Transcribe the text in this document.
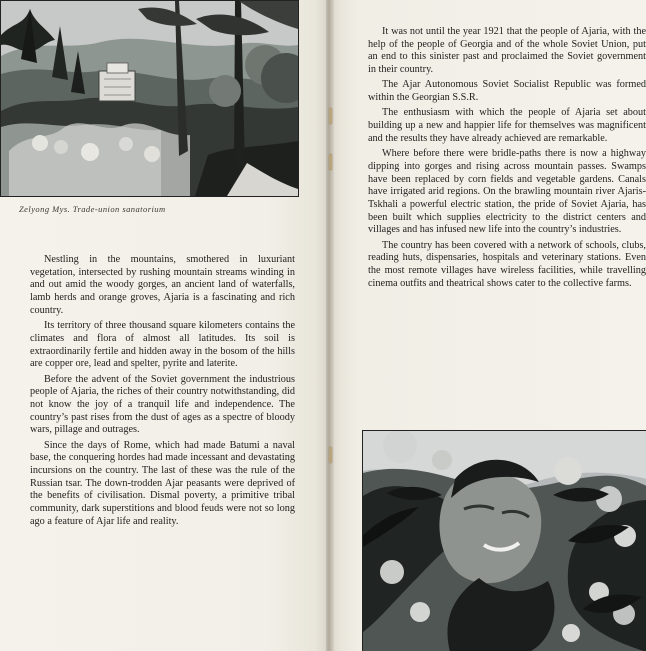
Zelyong Mys. Trade-union sanatorium

Nestling in the mountains, smothered in luxuriant vegetation, intersected by rushing mountain streams winding in and out amid the woody gorges, an ancient land of waterfalls, lamb herds and orange groves, Ajaria is a fascinating and rich country.

Its territory of three thousand square kilometers contains the climates and flora of almost all latitudes. Its soil is extraordinarily fertile and hidden away in the bosom of the hills are copper ore, lead and spelter, pyrite and laterite.

Before the advent of the Soviet government the industrious people of Ajaria, the riches of their country notwithstanding, did not know the joy of a tranquil life and independence. The country’s past rises from the dust of ages as a spectre of bloody wars, pillage and outrages.

Since the days of Rome, which had made Batumi a naval base, the conquering hordes had made incessant and devastating incursions on the country. The last of these was the rule of the Russian tsar. The down-trodden Ajar peasants were deprived of the benefits of civilisation. Dismal poverty, a primitive tribal community, dark superstitions and blood feuds were not so long ago a feature of Ajar life and reality.

It was not until the year 1921 that the people of Ajaria, with the help of the people of Georgia and of the whole Soviet Union, put an end to this sinister past and proclaimed the Soviet government in their country.

The Ajar Autonomous Soviet Socialist Republic was formed within the Georgian S.S.R.

The enthusiasm with which the people of Ajaria set about building up a new and happier life for themselves was magnificent and the results they have already achieved are remarkable.

Where before there were bridle-paths there is now a highway dipping into gorges and rising across mountain passes. Swamps have been replaced by corn fields and vegetable gardens. Canals have irrigated arid regions. On the brawling mountain river Ajaris-Tskhali a powerful electric station, the pride of Soviet Ajaria, has been built which supplies electricity to the district centers and villages and has infused new life into the country’s industries.

The country has been covered with a network of schools, clubs, reading huts, dispensaries, hospitals and veterinary stations. Even the most remote villages have wireless facilities, while travelling cinema outfits and theatrical shows cater to the collective farms.
